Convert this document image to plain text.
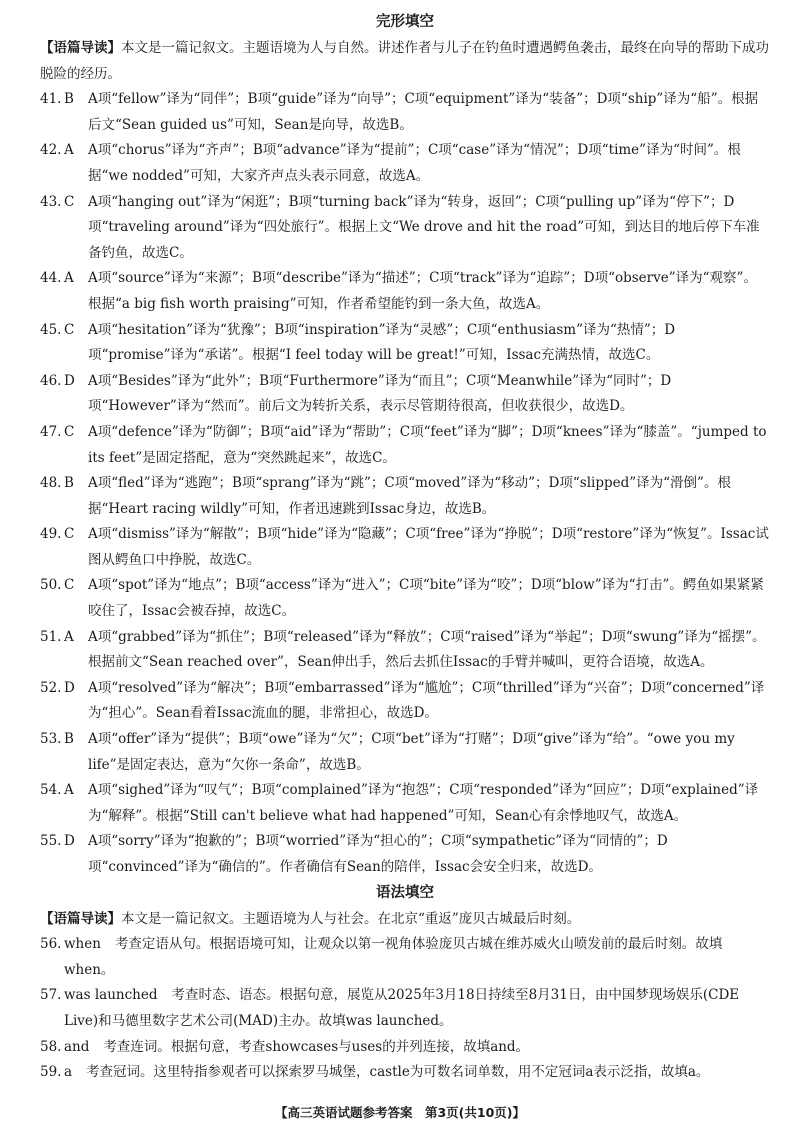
完形填空

【语篇导读】本文是一篇记叙文。主题语境为人与自然。讲述作者与儿子在钓鱼时遭遇鳄鱼袭击，最终在向导的帮助下成功脱险的经历。

41. B	A项“fellow”译为“同伴”；B项“guide”译为“向导”；C项“equipment”译为“装备”；D项“ship”译为“船”。根据后文“Sean guided us”可知，Sean是向导，故选B。
42. A	A项“chorus”译为“齐声”；B项“advance”译为“提前”；C项“case”译为“情况”；D项“time”译为“时间”。根据“we nodded”可知，大家齐声点头表示同意，故选A。
43. C	A项“hanging out”译为“闲逛”；B项“turning back”译为“转身，返回”；C项“pulling up”译为“停下”；D项“traveling around”译为“四处旅行”。根据上文“We drove and hit the road”可知，到达目的地后停下车准备钓鱼，故选C。
44. A	A项“source”译为“来源”；B项“describe”译为“描述”；C项“track”译为“追踪”；D项“observe”译为“观察”。根据“a big fish worth praising”可知，作者希望能钓到一条大鱼，故选A。
45. C	A项“hesitation”译为“犹豫”；B项“inspiration”译为“灵感”；C项“enthusiasm”译为“热情”；D项“promise”译为“承诺”。根据“I feel today will be great!”可知，Issac充满热情，故选C。
46. D A项“Besides”译为“此外”；B项“Furthermore”译为“而且”；C项“Meanwhile”译为“同时”；D项“However”译为“然而”。前后文为转折关系，表示尽管期待很高，但收获很少，故选D。
47. C	A项“defence”译为“防御”；B项“aid”译为“帮助”；C项“feet”译为“脚”；D项“knees”译为“膝盖”。“jumped to its feet”是固定搭配，意为“突然跳起来”，故选C。
48. B	A项“fled”译为“逃跑”；B项“sprang”译为“跳”；C项“moved”译为“移动”；D项“slipped”译为“滑倒”。根据“Heart racing wildly”可知，作者迅速跳到Issac身边，故选B。
49. C	A项“dismiss”译为“解散”；B项“hide”译为“隐藏”；C项“free”译为“挣脱”；D项“restore”译为“恢复”。Issac试图从鳄鱼口中挣脱，故选C。
50. C	A项“spot”译为“地点”；B项“access”译为“进入”；C项“bite”译为“咬”；D项“blow”译为“打击”。鳄鱼如果紧紧咬住了，Issac会被吞掉，故选C。
51. A	A项“grabbed”译为“抓住”；B项“released”译为“释放”；C项“raised”译为“举起”；D项“swung”译为“摇摆”。根据前文“Sean reached over”，Sean伸出手，然后去抓住Issac的手臂并喊叫，更符合语境，故选A。
52. D A项“resolved”译为“解决”；B项“embarrassed”译为“尴尬”；C项“thrilled”译为“兴奋”；D项“concerned”译为“担心”。Sean看着Issac流血的腿，非常担心，故选D。
53. B	A项“offer”译为“提供”；B项“owe”译为“欠”；C项“bet”译为“打赌”；D项“give”译为“给”。“owe you my life”是固定表达，意为“欠你一条命”，故选B。
54. A	A项“sighed”译为“叹气”；B项“complained”译为“抱怨”；C项“responded”译为“回应”；D项“explained”译为“解释”。根据“Still can't believe what had happened”可知，Sean心有余悸地叹气，故选A。
55. D A项“sorry”译为“抱歉的”；B项“worried”译为“担心的”；C项“sympathetic”译为“同情的”；D项“convinced”译为“确信的”。作者确信有Sean的陪伴，Issac会安全归来，故选D。
语法填空

【语篇导读】本文是一篇记叙文。主题语境为人与社会。在北京“重返”庞贝古城最后时刻。

56. when 考查定语从句。根据语境可知，让观众以第一视角体验庞贝古城在维苏威火山喷发前的最后时刻。故填when。
57. was launched 考查时态、语态。根据句意，展览从2025年3月18日持续至8月31日，由中国梦现场娱乐(CDE Live)和马德里数字艺术公司(MAD)主办。故填was launched。
58. and 考查连词。根据句意，考查showcases与uses的并列连接，故填and。
59. a 考查冠词。这里特指参观者可以探索罗马城堡，castle为可数名词单数，用不定冠词a表示泛指，故填a。
【高三英语试题参考答案　第3页(共10页)】
